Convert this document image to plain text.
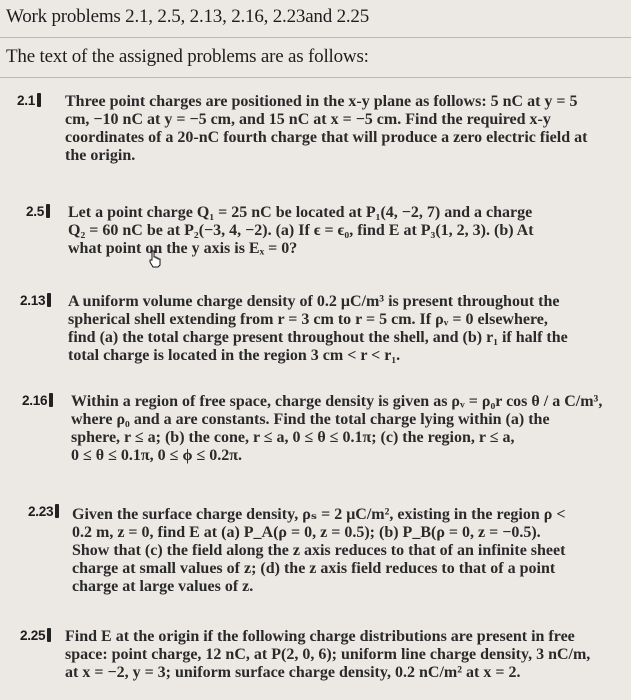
Work problems 2.1, 2.5, 2.13, 2.16, 2.23and 2.25
The text of the assigned problems are as follows:
2.1	Three point charges are positioned in the x-y plane as follows: 5 nC at y = 5
cm, −10 nC at y = −5 cm, and 15 nC at x = −5 cm. Find the required x-y
coordinates of a 20-nC fourth charge that will produce a zero electric field at
the origin.
2.5	Let a point charge Q₁ = 25 nC be located at P₁(4, −2, 7) and a charge
Q₂ = 60 nC be at P₂(−3, 4, −2). (a) If ϵ = ϵ₀, find E at P₃(1, 2, 3). (b) At
what point on the y axis is Eₓ = 0?
2.13	A uniform volume charge density of 0.2 μC/m³ is present throughout the
spherical shell extending from r = 3 cm to r = 5 cm. If ρᵥ = 0 elsewhere,
find (a) the total charge present throughout the shell, and (b) r₁ if half the
total charge is located in the region 3 cm < r < r₁.
2.16	Within a region of free space, charge density is given as ρᵥ = ρ₀r cos θ / a C/m³,
where ρ₀ and a are constants. Find the total charge lying within (a) the
sphere, r ≤ a; (b) the cone, r ≤ a, 0 ≤ θ ≤ 0.1π; (c) the region, r ≤ a,
0 ≤ θ ≤ 0.1π, 0 ≤ ϕ ≤ 0.2π.
2.23	Given the surface charge density, ρₛ = 2 μC/m², existing in the region ρ <
0.2 m, z = 0, find E at (a) P_A(ρ = 0, z = 0.5); (b) P_B(ρ = 0, z = −0.5).
Show that (c) the field along the z axis reduces to that of an infinite sheet
charge at small values of z; (d) the z axis field reduces to that of a point
charge at large values of z.
2.25	Find E at the origin if the following charge distributions are present in free
space: point charge, 12 nC, at P(2, 0, 6); uniform line charge density, 3 nC/m,
at x = −2, y = 3; uniform surface charge density, 0.2 nC/m² at x = 2.
